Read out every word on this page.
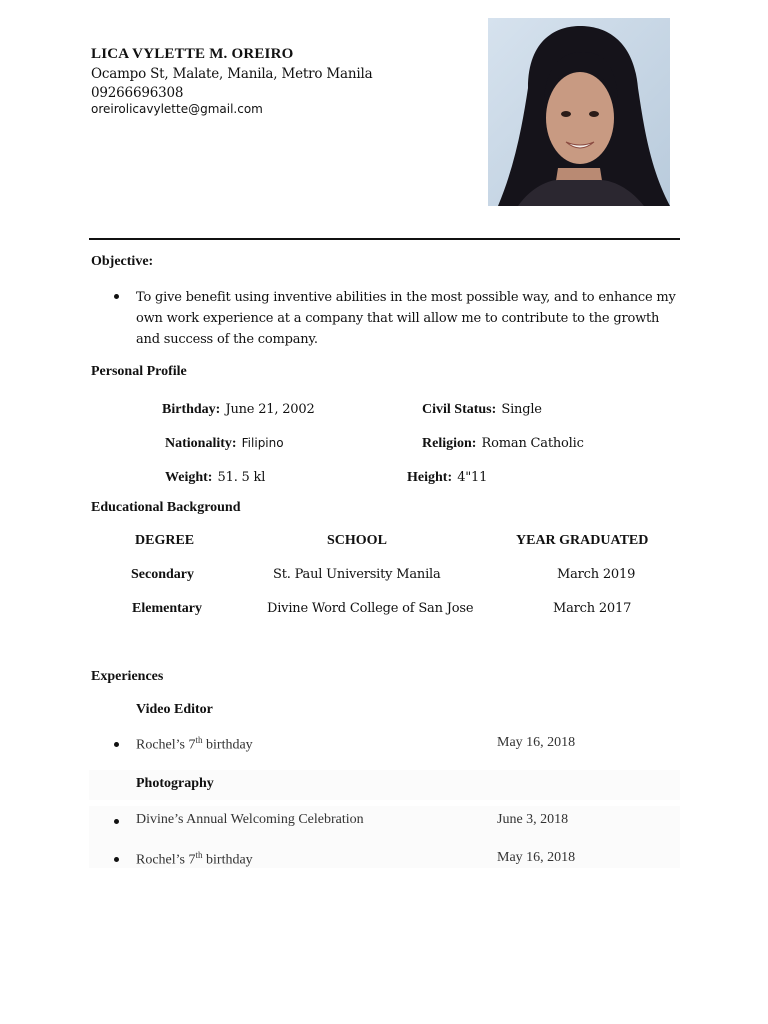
LICA VYLETTE M. OREIRO
Ocampo St, Malate, Manila, Metro Manila
09266696308
oreirolicavylette@gmail.com
Objective:
To give benefit using inventive abilities in the most possible way, and to enhance my own work experience at a company that will allow me to contribute to the growth and success of the company.
Personal Profile
Birthday: June 21, 2002	Civil Status: Single
Nationality: Filipino	Religion: Roman Catholic
Weight: 51. 5 kl	Height: 4"11
Educational Background
DEGREE	SCHOOL	YEAR GRADUATED
Secondary	St. Paul University Manila	March 2019
Elementary	Divine Word College of San Jose	March 2017
Experiences
Video Editor
Rochel’s 7th birthday	May 16, 2018
Photography
Divine’s Annual Welcoming Celebration	June 3, 2018
Rochel’s 7th birthday	May 16, 2018
